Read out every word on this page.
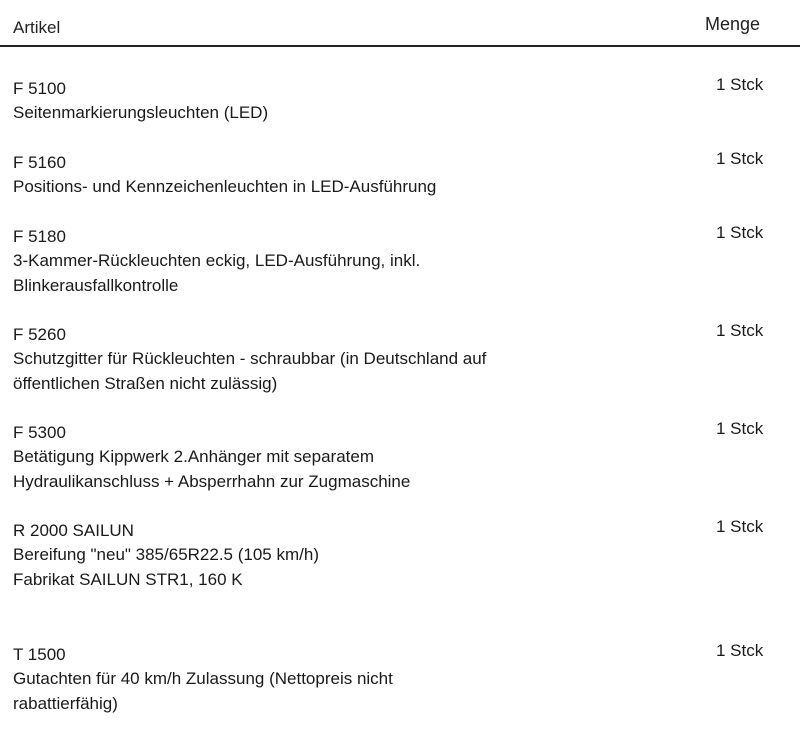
Artikel	Menge
F 5100	1 Stck
Seitenmarkierungsleuchten (LED)
F 5160	1 Stck
Positions- und Kennzeichenleuchten in LED-Ausführung
F 5180	1 Stck
3-Kammer-Rückleuchten eckig, LED-Ausführung, inkl.
Blinkerausfallkontrolle
F 5260	1 Stck
Schutzgitter für Rückleuchten - schraubbar (in Deutschland auf
öffentlichen Straßen nicht zulässig)
F 5300	1 Stck
Betätigung Kippwerk 2.Anhänger mit separatem
Hydraulikanschluss + Absperrhahn zur Zugmaschine
R 2000 SAILUN	1 Stck
Bereifung "neu" 385/65R22.5 (105 km/h)
Fabrikat SAILUN STR1, 160 K
T 1500	1 Stck
Gutachten für 40 km/h Zulassung (Nettopreis nicht
rabattierfähig)
